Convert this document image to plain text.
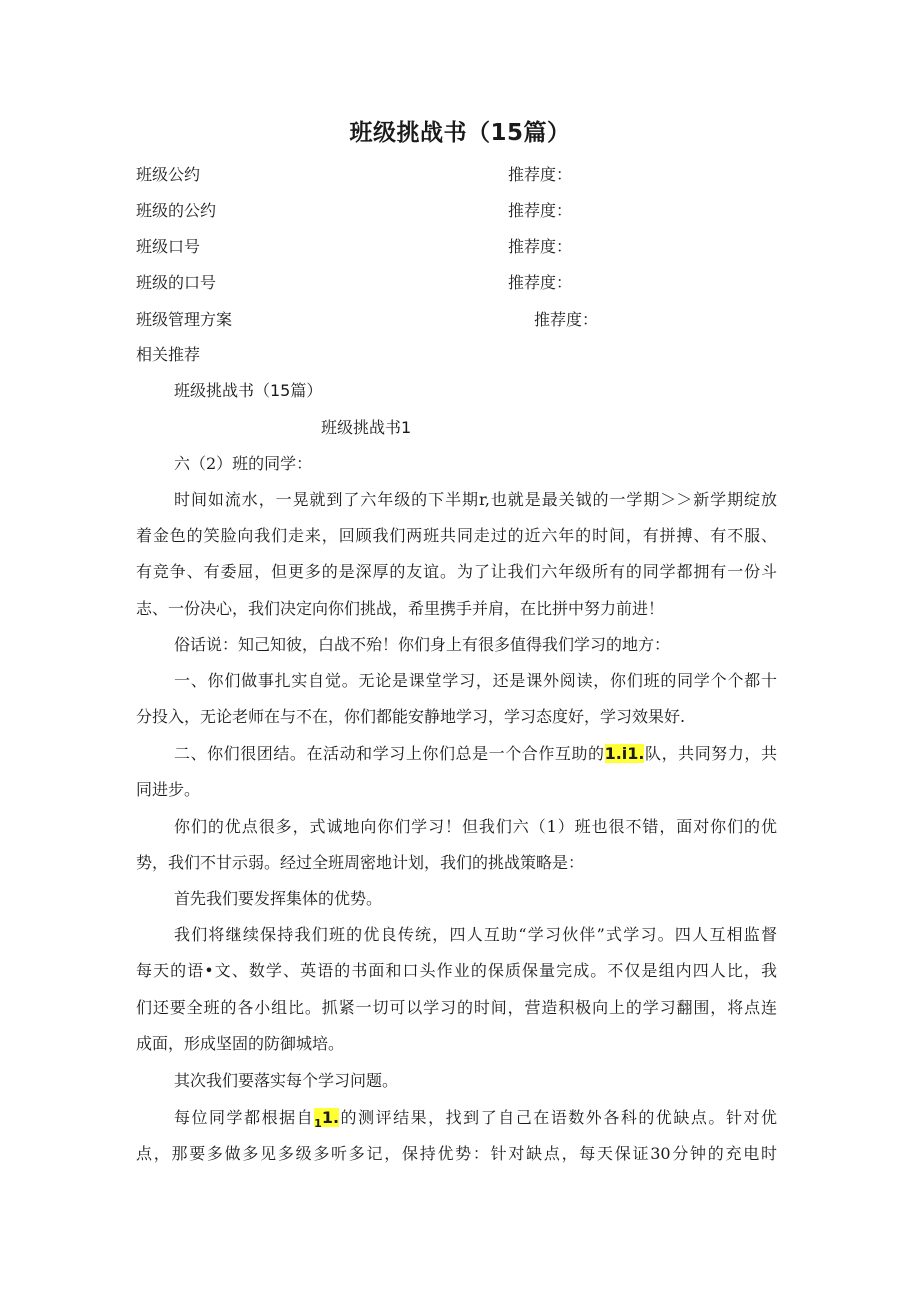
班级挑战书（15篇）
班级公约	推荐度：
班级的公约	推荐度：
班级口号	推荐度：
班级的口号	推荐度：
班级管理方案	推荐度：
相关推荐
班级挑战书（15篇）
班级挑战书1
六（2）班的同学：
时间如流水，一晃就到了六年级的下半期r,也就是最关钺的一学期＞＞新学期绽放
着金色的笑脸向我们走来，回顾我们两班共同走过的近六年的时间，有拼搏、有不服、
有竞争、有委屈，但更多的是深厚的友谊。为了让我们六年级所有的同学都拥有一份斗
志、一份决心，我们决定向你们挑战，希里携手并肩，在比拼中努力前进！
俗话说：知己知彼，白战不殆！你们身上有很多值得我们学习的地方：
一、你们做事扎实自觉。无论是课堂学习，还是课外阅读，你们班的同学个个都十
分投入，无论老师在与不在，你们都能安静地学习，学习态度好，学习效果好.
二、你们很团结。在活动和学习上你们总是一个合作互助的1.i1.队，共同努力，共
同进步。
你们的优点很多，式诚地向你们学习！但我们六（1）班也很不错，面对你们的优
势，我们不甘示弱。经过全班周密地计划，我们的挑战策略是：
首先我们要发挥集体的优势。
我们将继续保持我们班的优良传统，四人互助“学习伙伴”式学习。四人互相监督
每天的语•文、数学、英语的书面和口头作业的保质保量完成。不仅是组内四人比，我
们还要全班的各小组比。抓紧一切可以学习的时间，营造积极向上的学习翻围，将点连
成面，形成坚固的防御城培。
其次我们要落实每个学习问题。
每位同学都根据自$_1$1.的测评结果，找到了自己在语数外各科的优缺点。针对优
点，那要多做多见多级多听多记，保持优势：针对缺点，每天保证30分钟的充电时
